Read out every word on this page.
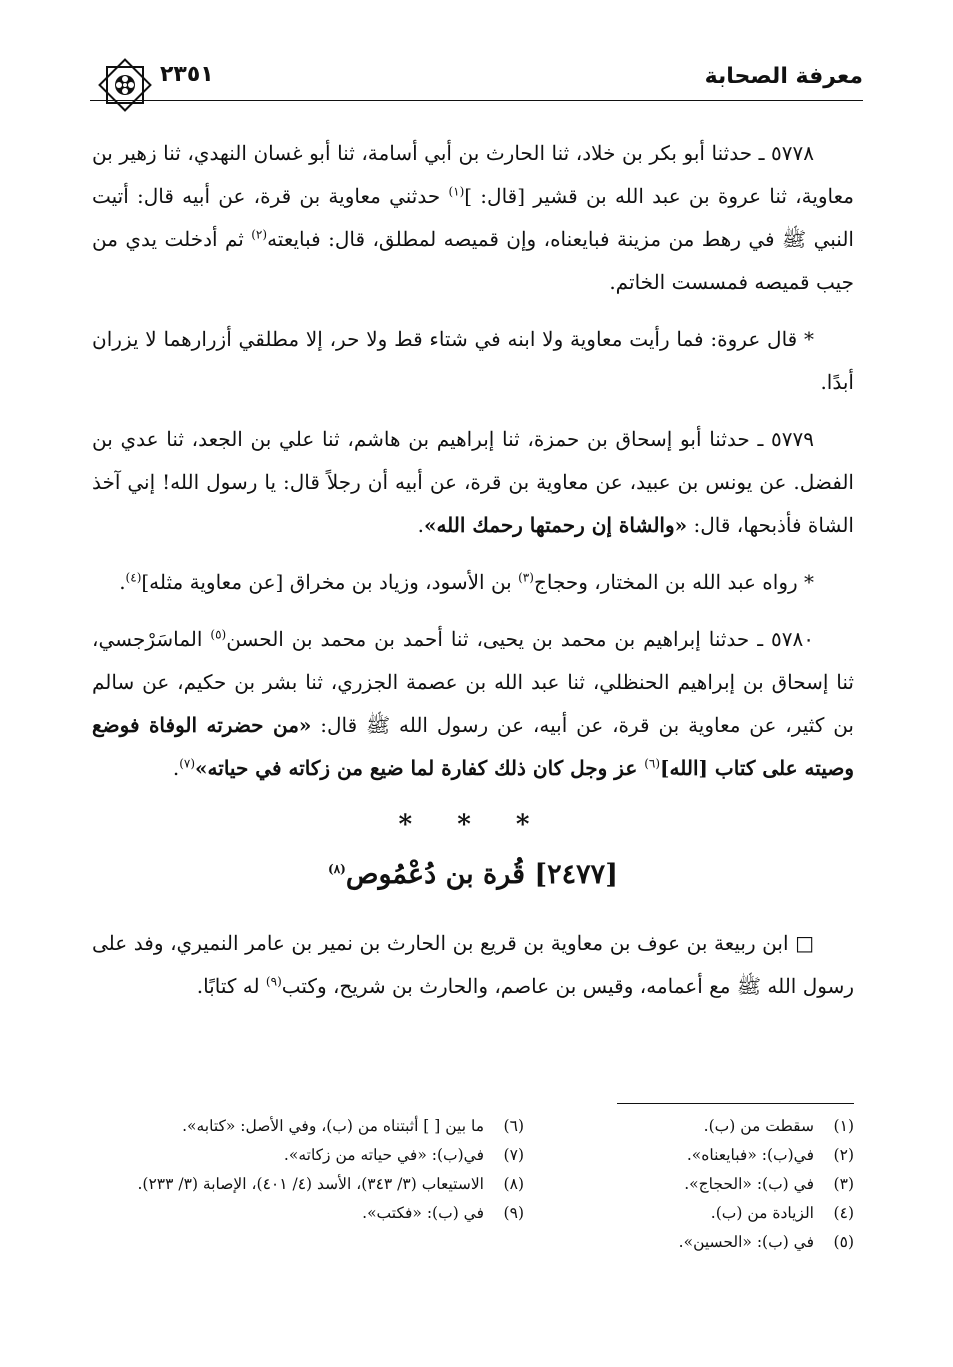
معرفة الصحابة
٢٣٥١

٥٧٧٨ ـ حدثنا أبو بكر بن خلاد، ثنا الحارث بن أبي أسامة، ثنا أبو غسان النهدي، ثنا زهير بن معاوية، ثنا عروة بن عبد الله بن قشير [قال: ]$^{(١)}$ حدثني معاوية بن قرة، عن أبيه قال: أتيت النبي ﷺ في رهط من مزينة فبايعناه، وإن قميصه لمطلق، قال: فبايعته$^{(٢)}$ ثم أدخلت يدي من جيب قميصه فمسست الخاتم.

* قال عروة: فما رأيت معاوية ولا ابنه في شتاء قط ولا حر، إلا مطلقي أزرارهما لا يزران أبدًا.

٥٧٧٩ ـ حدثنا أبو إسحاق بن حمزة، ثنا إبراهيم بن هاشم، ثنا علي بن الجعد، ثنا عدي بن الفضل. عن يونس بن عبيد، عن معاوية بن قرة، عن أبيه أن رجلاً قال: يا رسول الله! إني آخذ الشاة فأذبحها، قال: «والشاة إن رحمتها رحمك الله».

* رواه عبد الله بن المختار، وحجاج$^{(٣)}$ بن الأسود، وزياد بن مخراق [عن معاوية مثله]$^{(٤)}$.

٥٧٨٠ ـ حدثنا إبراهيم بن محمد بن يحيى، ثنا أحمد بن محمد بن الحسن$^{(٥)}$ الماسَرْجسي، ثنا إسحاق بن إبراهيم الحنظلي، ثنا عبد الله بن عصمة الجزري، ثنا بشر بن حكيم، عن سالم بن كثير، عن معاوية بن قرة، عن أبيه، عن رسول الله ﷺ قال: «من حضرته الوفاة فوضع وصيته على كتاب [الله]$^{(٦)}$ عز وجل كان ذلك كفارة لما ضيع من زكاته في حياته»$^{(٧)}$.

* * *
[٢٤٧٧] قُرة بن دُعْمُوص$^{(٨)}$

□ ابن ربيعة بن عوف بن معاوية بن قريع بن الحارث بن نمير بن عامر النميري، وفد على رسول الله ﷺ مع أعمامه، وقيس بن عاصم، والحارث بن شريح، وكتب$^{(٩)}$ له كتابًا.

(١)سقطت من (ب).
(٢)في(ب): «فبايعناه».
(٣)في (ب): «الحجاج».
(٤)الزيادة من (ب).
(٥)في (ب): «الحسين».
(٦)ما بين [ ] أثبتناه من (ب)، وفي الأصل: «كتابه».
(٧)في(ب): «في حياته من زكاته».
(٨)الاستيعاب (٣/ ٣٤٣)، الأسد (٤/ ٤٠١)، الإصابة (٣/ ٢٣٣).
(٩)في (ب): «فكتب».
